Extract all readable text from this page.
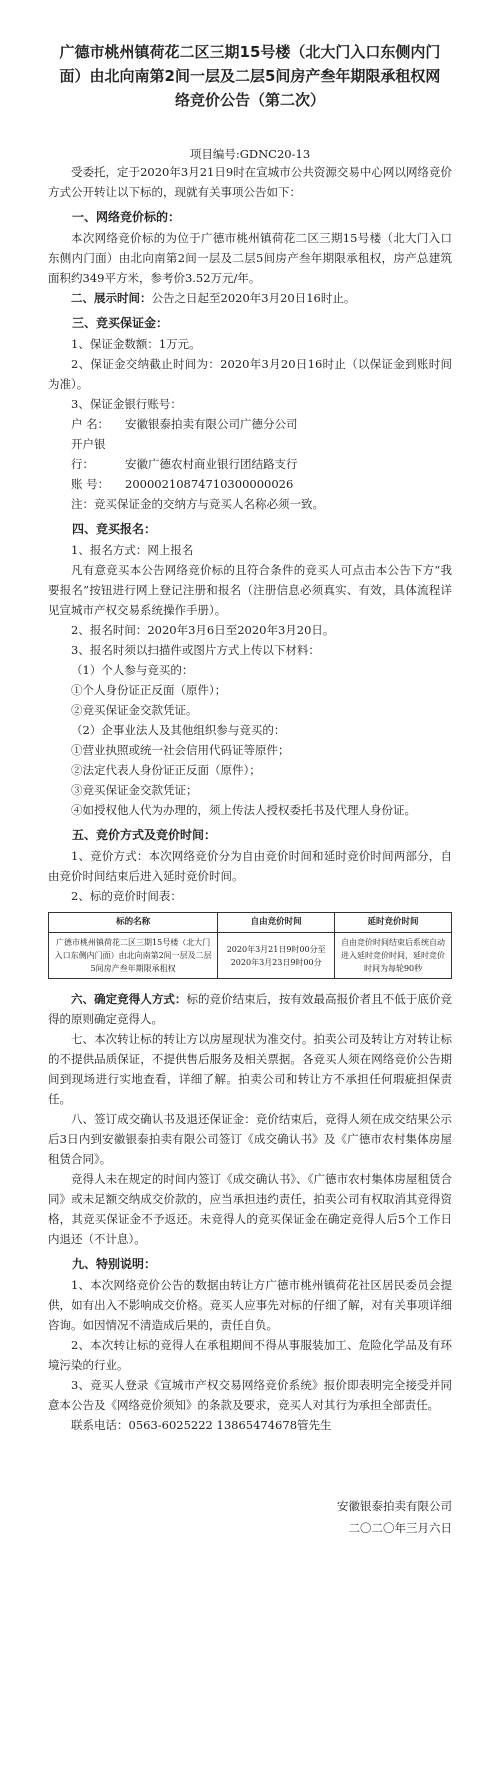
广德市桃州镇荷花二区三期15号楼（北大门入口东侧内门面）由北向南第2间一层及二层5间房产叁年期限承租权网络竞价公告（第二次）
项目编号:GDNC20-13

受委托，定于2020年3月21日9时在宣城市公共资源交易中心网以网络竞价方式公开转让以下标的，现就有关事项公告如下：

一、网络竞价标的：

本次网络竞价标的为位于广德市桃州镇荷花二区三期15号楼（北大门入口东侧内门面）由北向南第2间一层及二层5间房产叁年期限承租权，房产总建筑面积约349平方米，参考价3.52万元/年。

二、展示时间：公告之日起至2020年3月20日16时止。

三、竞买保证金：

1、保证金数额：1万元。

2、保证金交纳截止时间为：2020年3月20日16时止（以保证金到账时间为准）。

3、保证金银行账号：

户 名： 安徽银泰拍卖有限公司广德分公司
开户银行：	安徽广德农村商业银行团结路支行
账 号： 20000210874710300000026

注：竞买保证金的交纳方与竞买人名称必须一致。

四、竞买报名：

1、报名方式：网上报名

凡有意竞买本公告网络竞价标的且符合条件的竞买人可点击本公告下方“我要报名”按钮进行网上登记注册和报名（注册信息必须真实、有效，具体流程详见宣城市产权交易系统操作手册）。

2、报名时间：2020年3月6日至2020年3月20日。

3、报名时须以扫描件或图片方式上传以下材料：

（1）个人参与竞买的：

①个人身份证正反面（原件）；

②竞买保证金交款凭证。

（2）企事业法人及其他组织参与竞买的：

①营业执照或统一社会信用代码证等原件；

②法定代表人身份证正反面（原件）；

③竞买保证金交款凭证；

④如授权他人代为办理的，须上传法人授权委托书及代理人身份证。

五、竞价方式及竞价时间：

1、竞价方式：本次网络竞价分为自由竞价时间和延时竞价时间两部分，自由竞价时间结束后进入延时竞价时间。

2、标的竞价时间表：

标的名称	自由竞价时间	延时竞价时间
广德市桃州镇荷花二区三期15号楼（北大门入口东侧内门面）由北向南第2间一层及二层5间房产叁年期限承租权	2020年3月21日9时00分至2020年3月23日9时00分	自由竞价时间结束后系统自动进入延时竞价时间，延时竞价时间为每轮90秒

六、确定竞得人方式：标的竞价结束后，按有效最高报价者且不低于底价竞得的原则确定竞得人。

七、本次转让标的转让方以房屋现状为准交付。拍卖公司及转让方对转让标的不提供品质保证，不提供售后服务及相关票据。各竞买人须在网络竞价公告期间到现场进行实地查看，详细了解。拍卖公司和转让方不承担任何瑕疵担保责任。

八、签订成交确认书及退还保证金：竞价结束后，竞得人须在成交结果公示后3日内到安徽银泰拍卖有限公司签订《成交确认书》及《广德市农村集体房屋租赁合同》。

竞得人未在规定的时间内签订《成交确认书》、《广德市农村集体房屋租赁合同》或未足额交纳成交价款的，应当承担违约责任，拍卖公司有权取消其竞得资格，其竞买保证金不予返还。未竞得人的竞买保证金在确定竞得人后5个工作日内退还（不计息）。

九、特别说明：

1、本次网络竞价公告的数据由转让方广德市桃州镇荷花社区居民委员会提供，如有出入不影响成交价格。竞买人应事先对标的仔细了解，对有关事项详细咨询。如因情况不清造成后果的，责任自负。

2、本次转让标的竞得人在承租期间不得从事服装加工、危险化学品及有环境污染的行业。

3、竞买人登录《宣城市产权交易网络竞价系统》报价即表明完全接受并同意本公告及《网络竞价须知》的条款及要求，竞买人对其行为承担全部责任。

联系电话：0563-6025222 13865474678管先生

安徽银泰拍卖有限公司
二〇二〇年三月六日
